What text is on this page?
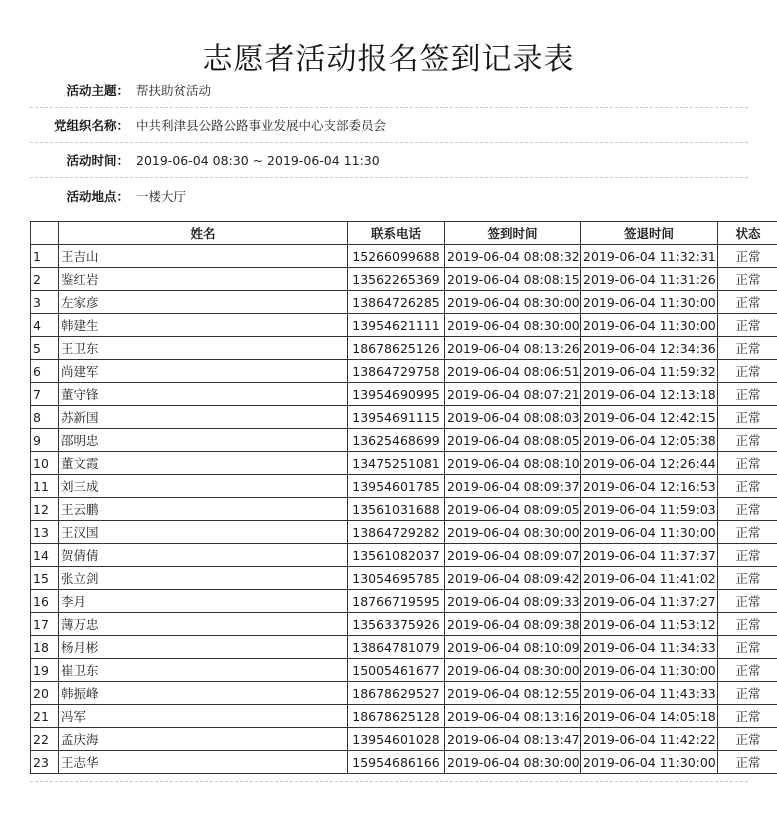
志愿者活动报名签到记录表
活动主题： 帮扶助贫活动
党组织名称： 中共利津县公路公路事业发展中心支部委员会
活动时间： 2019-06-04 08:30 ~ 2019-06-04 11:30
活动地点： 一楼大厅
	姓名	联系电话	签到时间	签退时间	状态
1	王吉山	15266099688	2019-06-04 08:08:32	2019-06-04 11:32:31	正常
2	鉴红岩	13562265369	2019-06-04 08:08:15	2019-06-04 11:31:26	正常
3	左家彦	13864726285	2019-06-04 08:30:00	2019-06-04 11:30:00	正常
4	韩建生	13954621111	2019-06-04 08:30:00	2019-06-04 11:30:00	正常
5	王卫东	18678625126	2019-06-04 08:13:26	2019-06-04 12:34:36	正常
6	尚建军	13864729758	2019-06-04 08:06:51	2019-06-04 11:59:32	正常
7	董守锋	13954690995	2019-06-04 08:07:21	2019-06-04 12:13:18	正常
8	苏新国	13954691115	2019-06-04 08:08:03	2019-06-04 12:42:15	正常
9	邵明忠	13625468699	2019-06-04 08:08:05	2019-06-04 12:05:38	正常
10	董文霞	13475251081	2019-06-04 08:08:10	2019-06-04 12:26:44	正常
11	刘三成	13954601785	2019-06-04 08:09:37	2019-06-04 12:16:53	正常
12	王云鹏	13561031688	2019-06-04 08:09:05	2019-06-04 11:59:03	正常
13	王汉国	13864729282	2019-06-04 08:30:00	2019-06-04 11:30:00	正常
14	贺倩倩	13561082037	2019-06-04 08:09:07	2019-06-04 11:37:37	正常
15	张立剑	13054695785	2019-06-04 08:09:42	2019-06-04 11:41:02	正常
16	李月	18766719595	2019-06-04 08:09:33	2019-06-04 11:37:27	正常
17	薄万忠	13563375926	2019-06-04 08:09:38	2019-06-04 11:53:12	正常
18	杨月彬	13864781079	2019-06-04 08:10:09	2019-06-04 11:34:33	正常
19	崔卫东	15005461677	2019-06-04 08:30:00	2019-06-04 11:30:00	正常
20	韩振峰	18678629527	2019-06-04 08:12:55	2019-06-04 11:43:33	正常
21	冯军	18678625128	2019-06-04 08:13:16	2019-06-04 14:05:18	正常
22	孟庆海	13954601028	2019-06-04 08:13:47	2019-06-04 11:42:22	正常
23	王志华	15954686166	2019-06-04 08:30:00	2019-06-04 11:30:00	正常
